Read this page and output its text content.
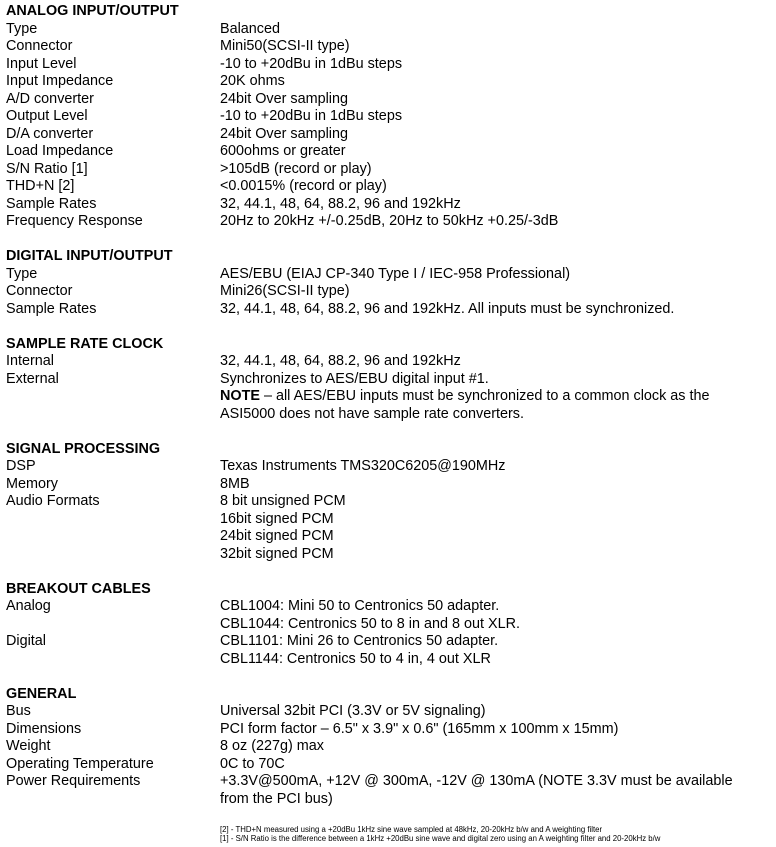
ANALOG INPUT/OUTPUT
Type	Balanced
Connector	Mini50(SCSI-II type)
Input Level	-10 to +20dBu in 1dBu steps
Input Impedance	20K ohms
A/D converter	24bit Over sampling
Output Level	-10 to +20dBu in 1dBu steps
D/A converter	24bit Over sampling
Load Impedance	600ohms or greater
S/N Ratio [1]	>105dB (record or play)
THD+N [2]	<0.0015% (record or play)
Sample Rates	32, 44.1, 48, 64, 88.2, 96 and 192kHz
Frequency Response	20Hz to 20kHz +/-0.25dB, 20Hz to 50kHz +0.25/-3dB
DIGITAL INPUT/OUTPUT
Type	AES/EBU (EIAJ CP-340 Type I / IEC-958 Professional)
Connector	Mini26(SCSI-II type)
Sample Rates	32, 44.1, 48, 64, 88.2, 96 and 192kHz. All inputs must be synchronized.
SAMPLE RATE CLOCK
Internal	32, 44.1, 48, 64, 88.2, 96 and 192kHz
External	Synchronizes to AES/EBU digital input #1.
NOTE – all AES/EBU inputs must be synchronized to a common clock as the
ASI5000 does not have sample rate converters.
SIGNAL PROCESSING
DSP	Texas Instruments TMS320C6205@190MHz
Memory	8MB
Audio Formats	8 bit unsigned PCM
16bit signed PCM
24bit signed PCM
32bit signed PCM
BREAKOUT CABLES
Analog	CBL1004: Mini 50 to Centronics 50 adapter.
CBL1044: Centronics 50 to 8 in and 8 out XLR.
Digital	CBL1101: Mini 26 to Centronics 50 adapter.
CBL1144: Centronics 50 to 4 in, 4 out XLR
GENERAL
Bus	Universal 32bit PCI (3.3V or 5V signaling)
Dimensions	PCI form factor – 6.5" x 3.9" x 0.6" (165mm x 100mm x 15mm)
Weight	8 oz (227g) max
Operating Temperature	0C to 70C
Power Requirements	+3.3V@500mA, +12V @ 300mA, -12V @ 130mA (NOTE 3.3V must be available
from the PCI bus)
[2] - THD+N measured using a +20dBu 1kHz sine wave sampled at 48kHz, 20-20kHz b/w and A weighting filter
[1] - S/N Ratio is the difference between a 1kHz +20dBu sine wave and digital zero using an A weighting filter and 20-20kHz b/w
